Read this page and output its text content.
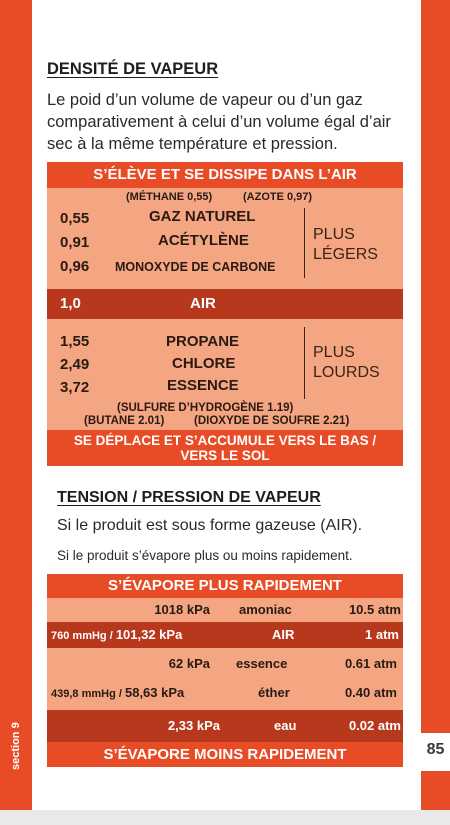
85
section 9
DENSITÉ DE VAPEUR
Le poid d’un volume de vapeur ou d’un gaz comparativement à celui d’un volume égal d’air sec à la même température et pression.
S’ÉLÈVE ET SE DISSIPE DANS L’AIR
(MÉTHANE 0,55)	(AZOTE 0,97)
0,55	GAZ NATUREL
0,91	ACÉTYLÈNE
0,96 MONOXYDE DE CARBONE
PLUS
LÉGERS
1,0	AIR
1,55	PROPANE
2,49	CHLORE
3,72	ESSENCE
PLUS
LOURDS
(SULFURE D’HYDROGÈNE 1.19)
(BUTANE 2.01)	(DIOXYDE DE SOUFRE 2.21)
SE DÉPLACE ET S’ACCUMULE VERS LE BAS /
VERS LE SOL
TENSION / PRESSION DE VAPEUR
Si le produit est sous forme gazeuse (AIR).
Si le produit s’évapore plus ou moins rapidement.
S’ÉVAPORE PLUS RAPIDEMENT
1018 kPa amoniac	10.5 atm
760 mmHg / 101,32 kPa	AIR	1 atm
62 kPa essence	0.61 atm
439,8 mmHg / 58,63 kPa	éther	0.40 atm
2,33 kPa	eau	0.02 atm
S’ÉVAPORE MOINS RAPIDEMENT
